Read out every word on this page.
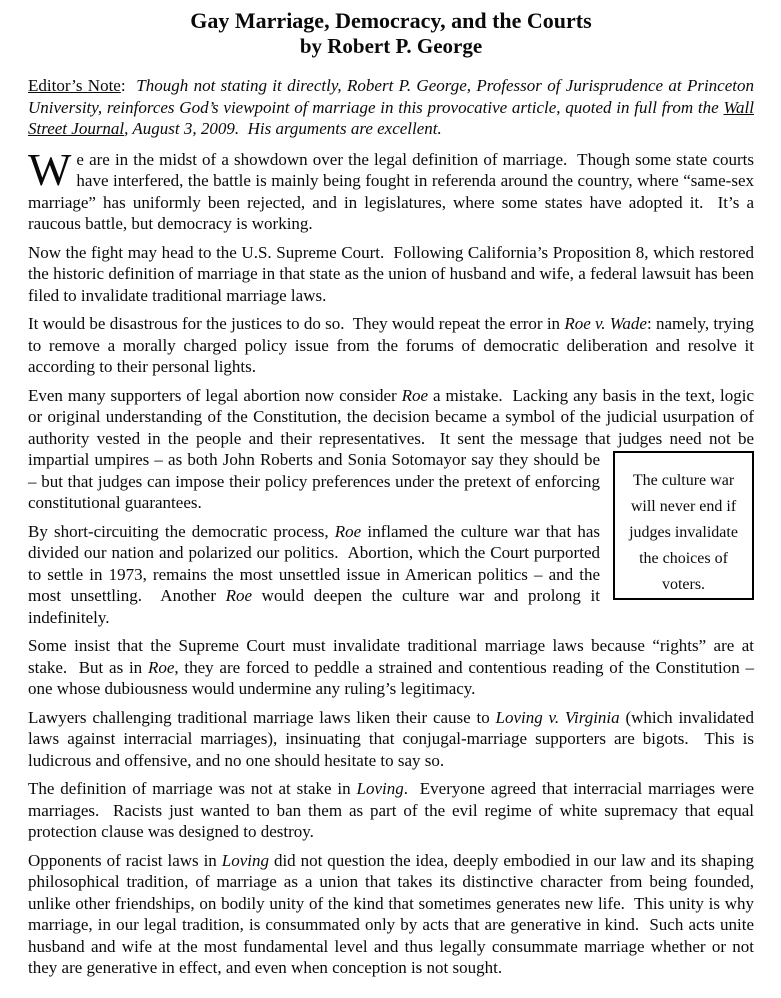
Gay Marriage, Democracy, and the Courts
by Robert P. George
Editor’s Note:  Though not stating it directly, Robert P. George, Professor of Jurisprudence at Princeton University, reinforces God’s viewpoint of marriage in this provocative article, quoted in full from the Wall Street Journal, August 3, 2009.  His arguments are excellent.

We are in the midst of a showdown over the legal definition of marriage.  Though some state courts have interfered, the battle is mainly being fought in referenda around the country, where “same-sex marriage” has uniformly been rejected, and in legislatures, where some states have adopted it.  It’s a raucous battle, but democracy is working.

Now the fight may head to the U.S. Supreme Court.  Following California’s Proposition 8, which restored the historic definition of marriage in that state as the union of husband and wife, a federal lawsuit has been filed to invalidate traditional marriage laws.

It would be disastrous for the justices to do so.  They would repeat the error in Roe v. Wade: namely, trying to remove a morally charged policy issue from the forums of democratic deliberation and resolve it according to their personal lights.

Even many supporters of legal abortion now consider Roe a mistake.  Lacking any basis in the text, logic or original understanding of the Constitution, the decision became a symbol of the judicial usurpation of authority vested in the people and their representatives.  It sent the message that judges
The culture war will never end if judges invalidate the choices of voters.
need not be impartial umpires – as both John Roberts and Sonia Sotomayor say they should be – but that judges can impose their policy preferences under the pretext of enforcing constitutional guarantees.

By short-circuiting the democratic process, Roe inflamed the culture war that has divided our nation and polarized our politics.  Abortion, which the Court purported to settle in 1973, remains the most unsettled issue in American politics – and the most unsettling.  Another Roe would deepen the culture war and prolong it indefinitely.

Some insist that the Supreme Court must invalidate traditional marriage laws because “rights” are at stake.  But as in Roe, they are forced to peddle a strained and contentious reading of the Constitution – one whose dubiousness would undermine any ruling’s legitimacy.

Lawyers challenging traditional marriage laws liken their cause to Loving v. Virginia (which invalidated laws against interracial marriages), insinuating that conjugal-marriage supporters are bigots.  This is ludicrous and offensive, and no one should hesitate to say so.

The definition of marriage was not at stake in Loving.  Everyone agreed that interracial marriages were marriages.  Racists just wanted to ban them as part of the evil regime of white supremacy that equal protection clause was designed to destroy.

Opponents of racist laws in Loving did not question the idea, deeply embodied in our law and its shaping philosophical tradition, of marriage as a union that takes its distinctive character from being founded, unlike other friendships, on bodily unity of the kind that sometimes generates new life.  This unity is why marriage, in our legal tradition, is consummated only by acts that are generative in kind.  Such acts unite husband and wife at the most fundamental level and thus legally consummate marriage whether or not they are generative in effect, and even when conception is not sought.
